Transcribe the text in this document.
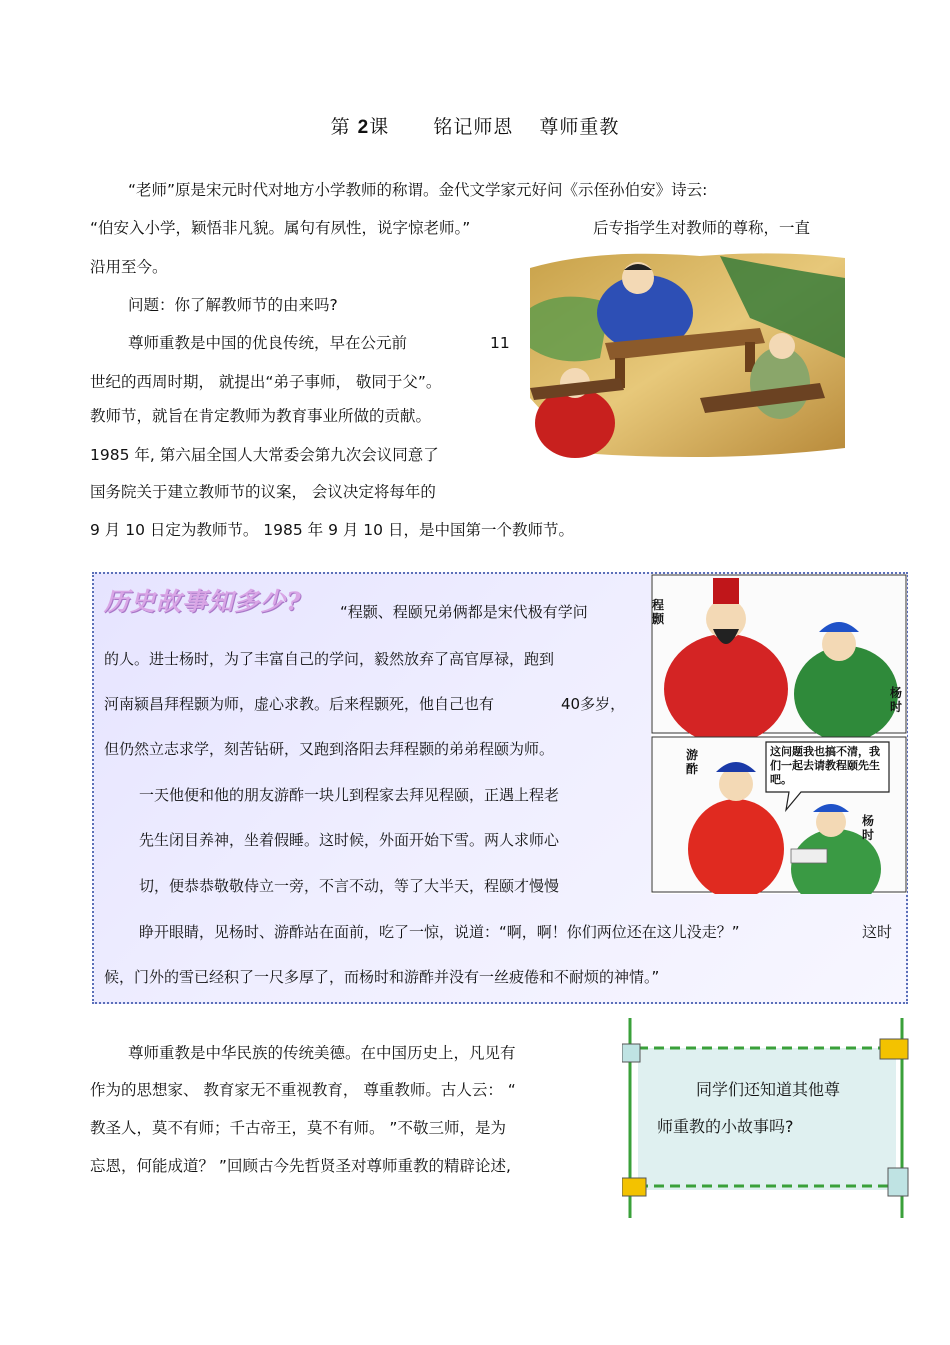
第 2课 铭记师恩 尊师重教
“老师”原是宋元时代对地方小学教师的称谓。金代文学家元好问《示侄孙伯安》诗云:
“伯安入小学，颖悟非凡貌。属句有夙性，说字惊老师。”	后专指学生对教师的尊称，一直
沿用至今。
问题：你了解教师节的由来吗?
尊师重教是中国的优良传统，早在公元前	11
世纪的西周时期， 就提出“弟子事师， 敬同于父”。
教师节，就旨在肯定教师为教育事业所做的贡献。
1985 年, 第六届全国人大常委会第九次会议同意了
国务院关于建立教师节的议案， 会议决定将每年的
9 月 10 日定为教师节。 1985 年 9 月 10 日，是中国第一个教师节。
历史故事知多少?	“程颢、程颐兄弟俩都是宋代极有学问
的人。进士杨时，为了丰富自己的学问，毅然放弃了高官厚禄，跑到
河南颍昌拜程颢为师，虚心求教。后来程颢死，他自己也有	40多岁，
但仍然立志求学，刻苦钻研，又跑到洛阳去拜程颢的弟弟程颐为师。
一天他便和他的朋友游酢一块儿到程家去拜见程颐，正遇上程老
先生闭目养神，坐着假睡。这时候，外面开始下雪。两人求师心
切，便恭恭敬敬侍立一旁，不言不动，等了大半天，程颐才慢慢
睁开眼睛，见杨时、游酢站在面前，吃了一惊，说道：“啊，啊！你们两位还在这儿没走？”	这时
候，门外的雪已经积了一尺多厚了，而杨时和游酢并没有一丝疲倦和不耐烦的神情。”
程颢
杨时
游酢
杨时
这问题我也搞不清，我们一起去请教程颐先生吧。
尊师重教是中华民族的传统美德。在中国历史上，凡见有
作为的思想家、 教育家无不重视教育， 尊重教师。古人云： “
教圣人，莫不有师；千古帝王，莫不有师。 ”不敬三师，是为
忘恩，何能成道？ ”回顾古今先哲贤圣对尊师重教的精辟论述,
同学们还知道其他尊
师重教的小故事吗?
